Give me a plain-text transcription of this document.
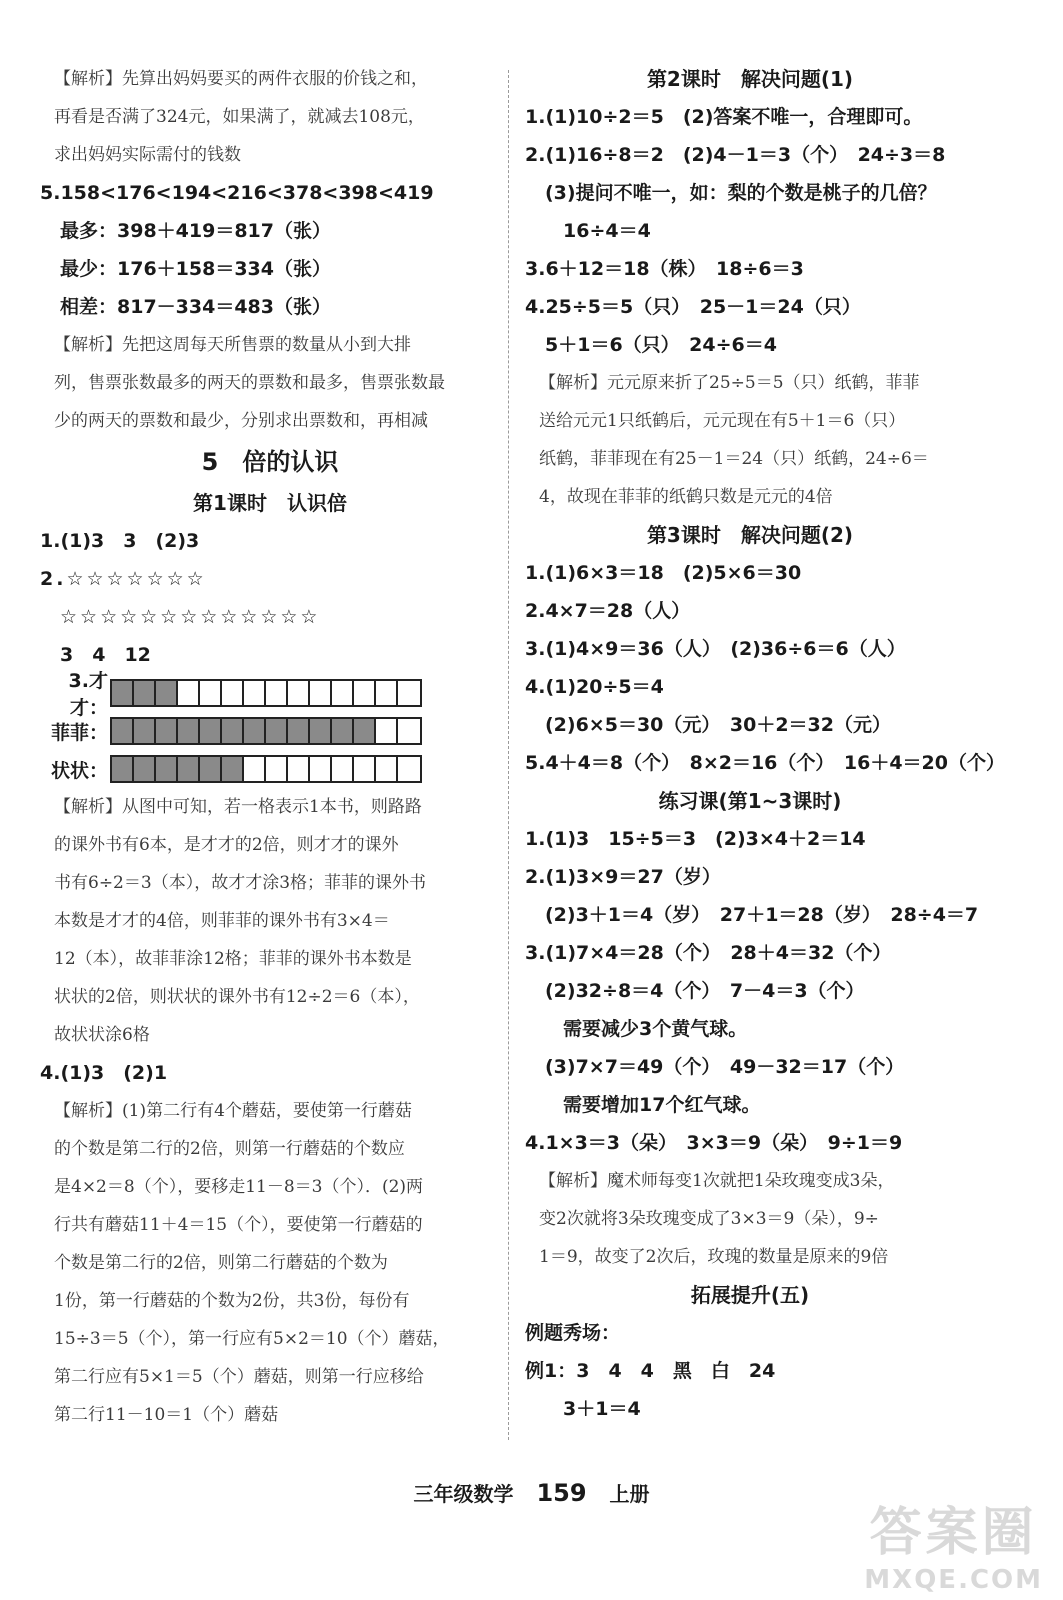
【解析】先算出妈妈要买的两件衣服的价钱之和，
再看是否满了324元，如果满了，就减去108元，
求出妈妈实际需付的钱数
5.158<176<194<216<378<398<419
最多：398＋419＝817（张）
最少：176＋158＝334（张）
相差：817－334＝483（张）
【解析】先把这周每天所售票的数量从小到大排
列，售票张数最多的两天的票数和最多，售票张数最
少的两天的票数和最少，分别求出票数和，再相减
5　倍的认识
第1课时　认识倍
1.(1)3　3　(2)3
2.☆☆☆☆☆☆☆
☆☆☆☆☆☆☆☆☆☆☆☆☆
3　4　12
3.才才：
菲菲：
状状：
【解析】从图中可知，若一格表示1本书，则路路
的课外书有6本，是才才的2倍，则才才的课外
书有6÷2＝3（本），故才才涂3格；菲菲的课外书
本数是才才的4倍，则菲菲的课外书有3×4＝
12（本），故菲菲涂12格；菲菲的课外书本数是
状状的2倍，则状状的课外书有12÷2＝6（本），
故状状涂6格
4.(1)3　(2)1
【解析】(1)第二行有4个蘑菇，要使第一行蘑菇
的个数是第二行的2倍，则第一行蘑菇的个数应
是4×2＝8（个），要移走11－8＝3（个）．(2)两
行共有蘑菇11＋4＝15（个），要使第一行蘑菇的
个数是第二行的2倍，则第二行蘑菇的个数为
1份，第一行蘑菇的个数为2份，共3份，每份有
15÷3＝5（个），第一行应有5×2＝10（个）蘑菇，
第二行应有5×1＝5（个）蘑菇，则第一行应移给
第二行11－10＝1（个）蘑菇
第2课时　解决问题(1)
1.(1)10÷2＝5　(2)答案不唯一，合理即可。
2.(1)16÷8＝2　(2)4－1＝3（个）　24÷3＝8
(3)提问不唯一，如：梨的个数是桃子的几倍？
16÷4＝4
3.6＋12＝18（株）　18÷6＝3
4.25÷5＝5（只）　25－1＝24（只）
5＋1＝6（只）　24÷6＝4
【解析】元元原来折了25÷5＝5（只）纸鹤，菲菲
送给元元1只纸鹤后，元元现在有5＋1＝6（只）
纸鹤，菲菲现在有25－1＝24（只）纸鹤，24÷6＝
4，故现在菲菲的纸鹤只数是元元的4倍
第3课时　解决问题(2)
1.(1)6×3＝18　(2)5×6＝30
2.4×7＝28（人）
3.(1)4×9＝36（人）　(2)36÷6＝6（人）
4.(1)20÷5＝4
(2)6×5＝30（元）　30＋2＝32（元）
5.4＋4＝8（个）　8×2＝16（个）　16＋4＝20（个）
练习课(第1~3课时)
1.(1)3　15÷5＝3　(2)3×4＋2＝14
2.(1)3×9＝27（岁）
(2)3＋1＝4（岁）　27＋1＝28（岁）　28÷4＝7
3.(1)7×4＝28（个）　28＋4＝32（个）
(2)32÷8＝4（个）　7－4＝3（个）
需要减少3个黄气球。
(3)7×7＝49（个）　49－32＝17（个）
需要增加17个红气球。
4.1×3＝3（朵）　3×3＝9（朵）　9÷1＝9
【解析】魔术师每变1次就把1朵玫瑰变成3朵，
变2次就将3朵玫瑰变成了3×3＝9（朵），9÷
1＝9，故变了2次后，玫瑰的数量是原来的9倍
拓展提升(五)
例题秀场：
例1：3　4　4　黑　白　24
3＋1＝4
三年级数学 159 上册
答案圈
MXQE.COM
